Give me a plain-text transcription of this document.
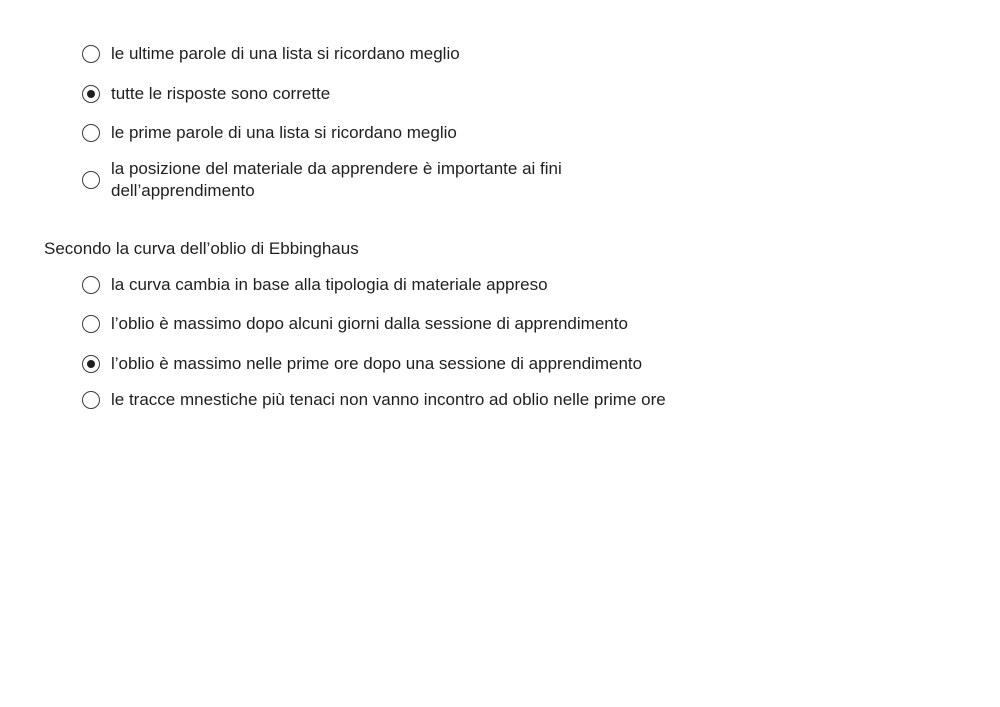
le ultime parole di una lista si ricordano meglio
tutte le risposte sono corrette
le prime parole di una lista si ricordano meglio
la posizione del materiale da apprendere è importante ai fini dell’apprendimento
Secondo la curva dell’oblio di Ebbinghaus
la curva cambia in base alla tipologia di materiale appreso
l’oblio è massimo dopo alcuni giorni dalla sessione di apprendimento
l’oblio è massimo nelle prime ore dopo una sessione di apprendimento
le tracce mnestiche più tenaci non vanno incontro ad oblio nelle prime ore
